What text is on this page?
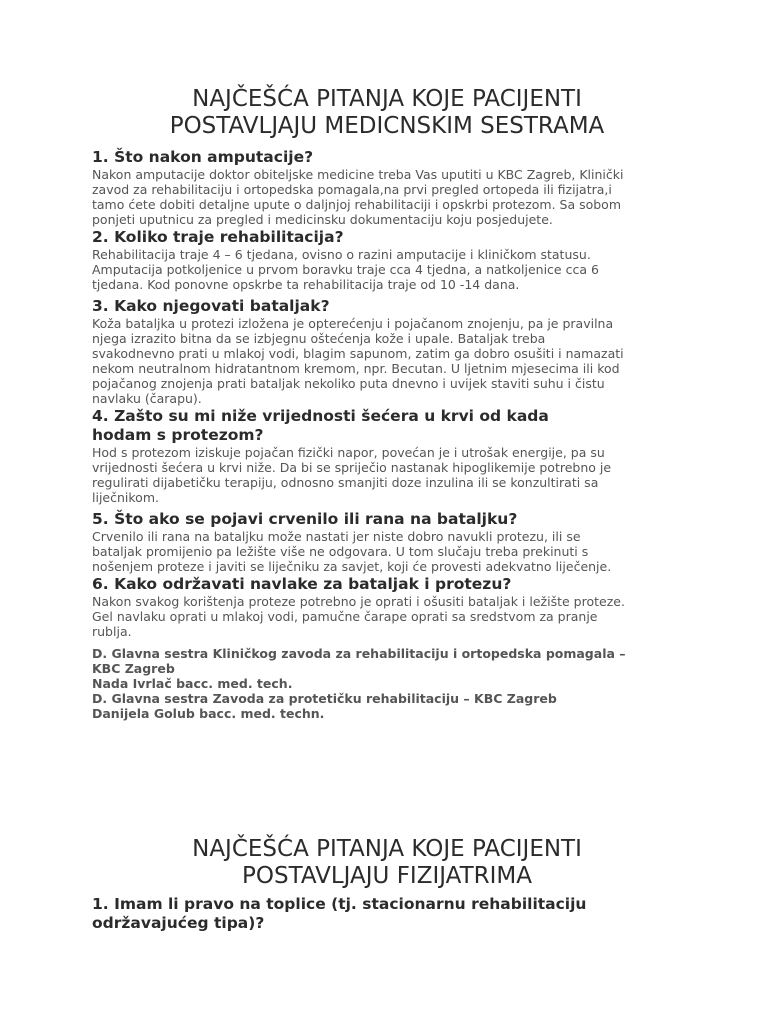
NAJČEŠĆA PITANJA KOJE PACIJENTI
POSTAVLJAJU MEDICNSKIM SESTRAMA

1. Što nakon amputacije?

Nakon amputacije doktor obiteljske medicine treba Vas uputiti u KBC Zagreb, Klinički
zavod za rehabilitaciju i ortopedska pomagala,na prvi pregled ortopeda ili fizijatra,i
tamo ćete dobiti detaljne upute o daljnjoj rehabilitaciji i opskrbi protezom. Sa sobom
ponjeti uputnicu za pregled i medicinsku dokumentaciju koju posjedujete.

2. Koliko traje rehabilitacija?

Rehabilitacija traje 4 – 6 tjedana, ovisno o razini amputacije i kliničkom statusu.
Amputacija potkoljenice u prvom boravku traje cca 4 tjedna, a natkoljenice cca 6
tjedana. Kod ponovne opskrbe ta rehabilitacija traje od 10 -14 dana.

3. Kako njegovati bataljak?

Koža bataljka u protezi izložena je opterećenju i pojačanom znojenju, pa je pravilna
njega izrazito bitna da se izbjegnu oštećenja kože i upale. Bataljak treba
svakodnevno prati u mlakoj vodi, blagim sapunom, zatim ga dobro osušiti i namazati
nekom neutralnom hidratantnom kremom, npr. Becutan. U ljetnim mjesecima ili kod
pojačanog znojenja prati bataljak nekoliko puta dnevno i uvijek staviti suhu i čistu
navlaku (čarapu).

4. Zašto su mi niže vrijednosti šećera u krvi od kada
hodam s protezom?

Hod s protezom iziskuje pojačan fizički napor, povećan je i utrošak energije, pa su
vrijednosti šećera u krvi niže. Da bi se spriječio nastanak hipoglikemije potrebno je
regulirati dijabetičku terapiju, odnosno smanjiti doze inzulina ili se konzultirati sa
liječnikom.

5. Što ako se pojavi crvenilo ili rana na bataljku?

Crvenilo ili rana na bataljku može nastati jer niste dobro navukli protezu, ili se
bataljak promijenio pa ležište više ne odgovara. U tom slučaju treba prekinuti s
nošenjem proteze i javiti se liječniku za savjet, koji će provesti adekvatno liječenje.

6. Kako održavati navlake za bataljak i protezu?

Nakon svakog korištenja proteze potrebno je oprati i ošusiti bataljak i ležište proteze.
Gel navlaku oprati u mlakoj vodi, pamučne čarape oprati sa sredstvom za pranje
rublja.

D. Glavna sestra Kliničkog zavoda za rehabilitaciju i ortopedska pomagala –
KBC Zagreb
Nada Ivrlač bacc. med. tech.
D. Glavna sestra Zavoda za protetičku rehabilitaciju – KBC Zagreb
Danijela Golub bacc. med. techn.

NAJČEŠĆA PITANJA KOJE PACIJENTI
POSTAVLJAJU FIZIJATRIMA

1. Imam li pravo na toplice (tj. stacionarnu rehabilitaciju
održavajućeg tipa)?
